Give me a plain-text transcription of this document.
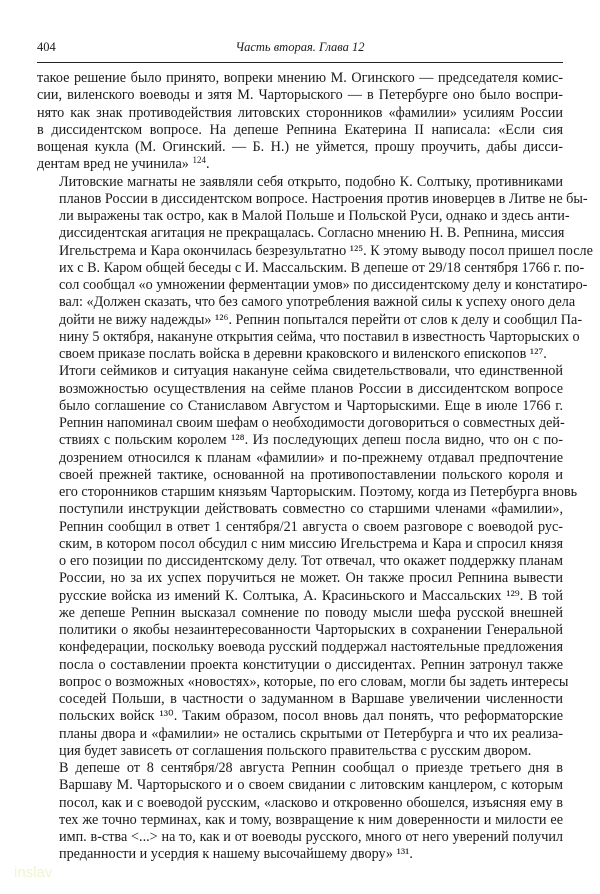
404	Часть вторая. Глава 12

такое решение было принято, вопреки мнению М. Огинского — председателя комис-
сии, виленского воеводы и зятя М. Чарторыского — в Петербурге оно было воспри-
нято как знак противодействия литовских сторонников «фамилии» усилиям России
в диссидентском вопросе. На депеше Репнина Екатерина II написала: «Если сия
вощеная кукла (М. Огинский. — Б. Н.) не уймется, прошу проучить, дабы дисси-
дентам вред не учинила» $^{124}$.

Литовские магнаты не заявляли себя открыто, подобно К. Солтыку, противниками
планов России в диссидентском вопросе. Настроения против иноверцев в Литве не бы-
ли выражены так остро, как в Малой Польше и Польской Руси, однако и здесь анти-
диссидентская агитация не прекращалась. Согласно мнению Н. В. Репнина, миссия
Игельстрема и Кара окончилась безрезультатно ¹²⁵. К этому выводу посол пришел после
их с В. Каром общей беседы с И. Массальским. В депеше от 29/18 сентября 1766 г. по-
сол сообщал «о умножении ферментации умов» по диссидентскому делу и констатиро-
вал: «Должен сказать, что без самого употребления важной силы к успеху оного дела
дойти не вижу надежды» ¹²⁶. Репнин попытался перейти от слов к делу и сообщил Па-
нину 5 октября, накануне открытия сейма, что поставил в известность Чарторыских о
своем приказе послать войска в деревни краковского и виленского епископов ¹²⁷.

Итоги сеймиков и ситуация накануне сейма свидетельствовали, что единственной
возможностью осуществления на сейме планов России в диссидентском вопросе
было соглашение со Станиславом Августом и Чарторыскими. Еще в июле 1766 г.
Репнин напоминал своим шефам о необходимости договориться о совместных дей-
ствиях с польским королем ¹²⁸. Из последующих депеш посла видно, что он с по-
дозрением относился к планам «фамилии» и по-прежнему отдавал предпочтение
своей прежней тактике, основанной на противопоставлении польского короля и
его сторонников старшим князьям Чарторыским. Поэтому, когда из Петербурга вновь
поступили инструкции действовать совместно со старшими членами «фамилии»,
Репнин сообщил в ответ 1 сентября/21 августа о своем разговоре с воеводой рус-
ским, в котором посол обсудил с ним миссию Игельстрема и Кара и спросил князя
о его позиции по диссидентскому делу. Тот отвечал, что окажет поддержку планам
России, но за их успех поручиться не может. Он также просил Репнина вывести
русские войска из имений К. Солтыка, А. Красиньского и Массальских ¹²⁹. В той
же депеше Репнин высказал сомнение по поводу мысли шефа русской внешней
политики о якобы незаинтересованности Чарторыских в сохранении Генеральной
конфедерации, поскольку воевода русский поддержал настоятельные предложения
посла о составлении проекта конституции о диссидентах. Репнин затронул также
вопрос о возможных «новостях», которые, по его словам, могли бы задеть интересы
соседей Польши, в частности о задуманном в Варшаве увеличении численности
польских войск ¹³⁰. Таким образом, посол вновь дал понять, что реформаторские
планы двора и «фамилии» не остались скрытыми от Петербурга и что их реализа-
ция будет зависеть от соглашения польского правительства с русским двором.

В депеше от 8 сентября/28 августа Репнин сообщал о приезде третьего дня в
Варшаву М. Чарторыского и о своем свидании с литовским канцлером, с которым
посол, как и с воеводой русским, «ласково и откровенно обошелся, изъясняя ему в
тех же точно терминах, как и тому, возвращение к ним доверенности и милости ее
имп. в-ства <...> на то, как и от воеводы русского, много от него уверений получил
преданности и усердия к нашему высочайшему двору» ¹³¹.

inslav
